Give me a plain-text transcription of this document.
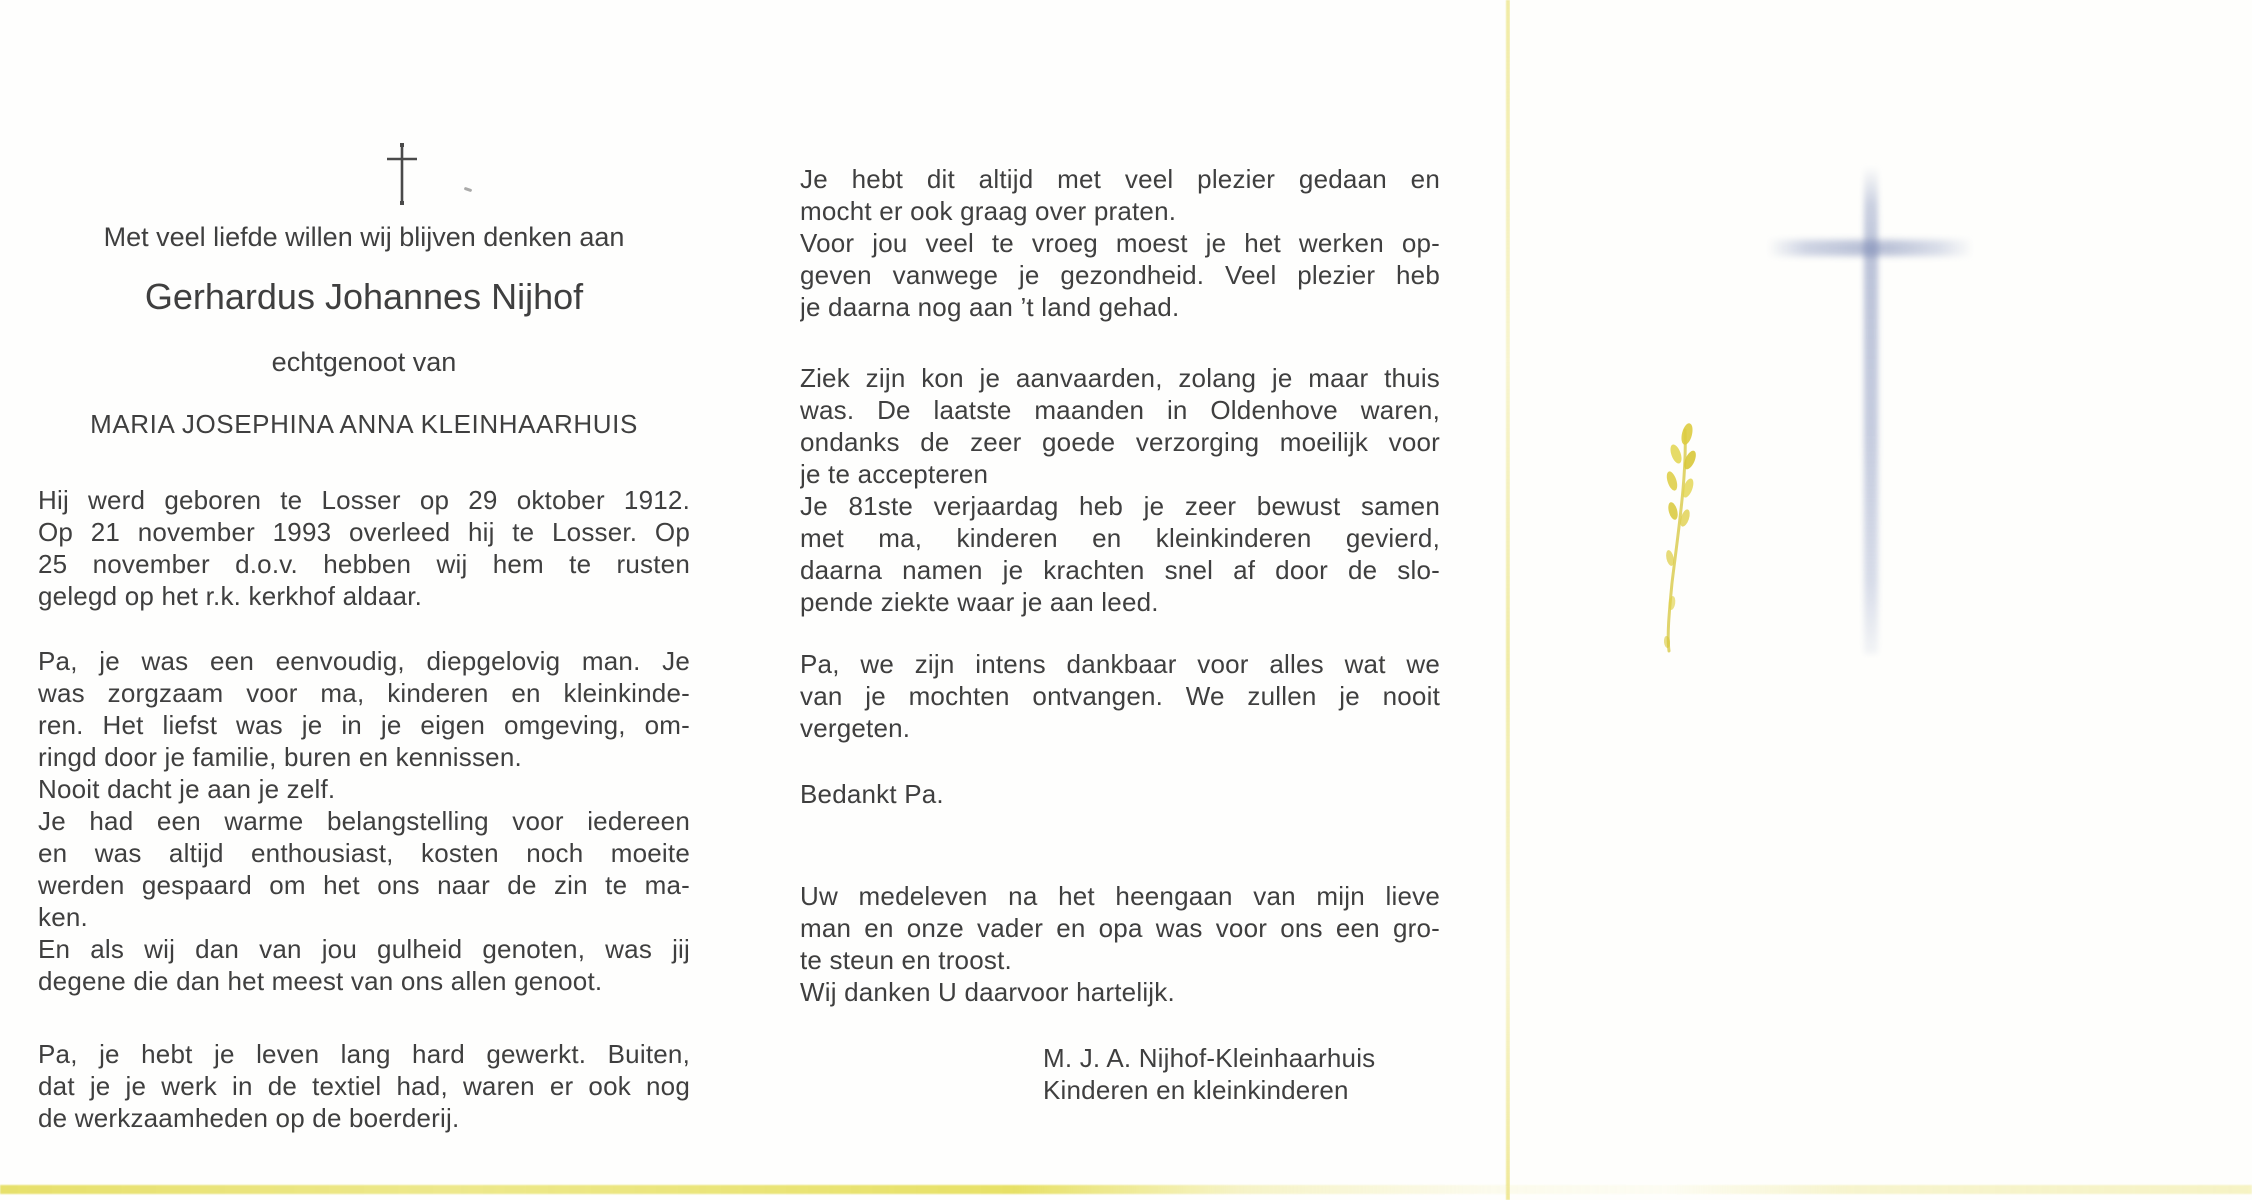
Met veel liefde willen wij blijven denken aan
Gerhardus Johannes Nijhof
echtgenoot van
MARIA JOSEPHINA ANNA KLEINHAARHUIS
Hij werd geboren te Losser op 29 oktober 1912.
Op 21 november 1993 overleed hij te Losser. Op
25 november d.o.v. hebben wij hem te rusten
gelegd op het r.k. kerkhof aldaar.
Pa, je was een eenvoudig, diepgelovig man. Je
was zorgzaam voor ma, kinderen en kleinkinde-
ren. Het liefst was je in je eigen omgeving, om-
ringd door je familie, buren en kennissen.
Nooit dacht je aan je zelf.
Je had een warme belangstelling voor iedereen
en was altijd enthousiast, kosten noch moeite
werden gespaard om het ons naar de zin te ma-
ken.
En als wij dan van jou gulheid genoten, was jij
degene die dan het meest van ons allen genoot.
Pa, je hebt je leven lang hard gewerkt. Buiten,
dat je je werk in de textiel had, waren er ook nog
de werkzaamheden op de boerderij.
Je hebt dit altijd met veel plezier gedaan en
mocht er ook graag over praten.
Voor jou veel te vroeg moest je het werken op-
geven vanwege je gezondheid. Veel plezier heb
je daarna nog aan ’t land gehad.
Ziek zijn kon je aanvaarden, zolang je maar thuis
was. De laatste maanden in Oldenhove waren,
ondanks de zeer goede verzorging moeilijk voor
je te accepteren
Je 81ste verjaardag heb je zeer bewust samen
met ma, kinderen en kleinkinderen gevierd,
daarna namen je krachten snel af door de slo-
pende ziekte waar je aan leed.
Pa, we zijn intens dankbaar voor alles wat we
van je mochten ontvangen. We zullen je nooit
vergeten.
Bedankt Pa.
Uw medeleven na het heengaan van mijn lieve
man en onze vader en opa was voor ons een gro-
te steun en troost.
Wij danken U daarvoor hartelijk.
M. J. A. Nijhof-Kleinhaarhuis
Kinderen en kleinkinderen
